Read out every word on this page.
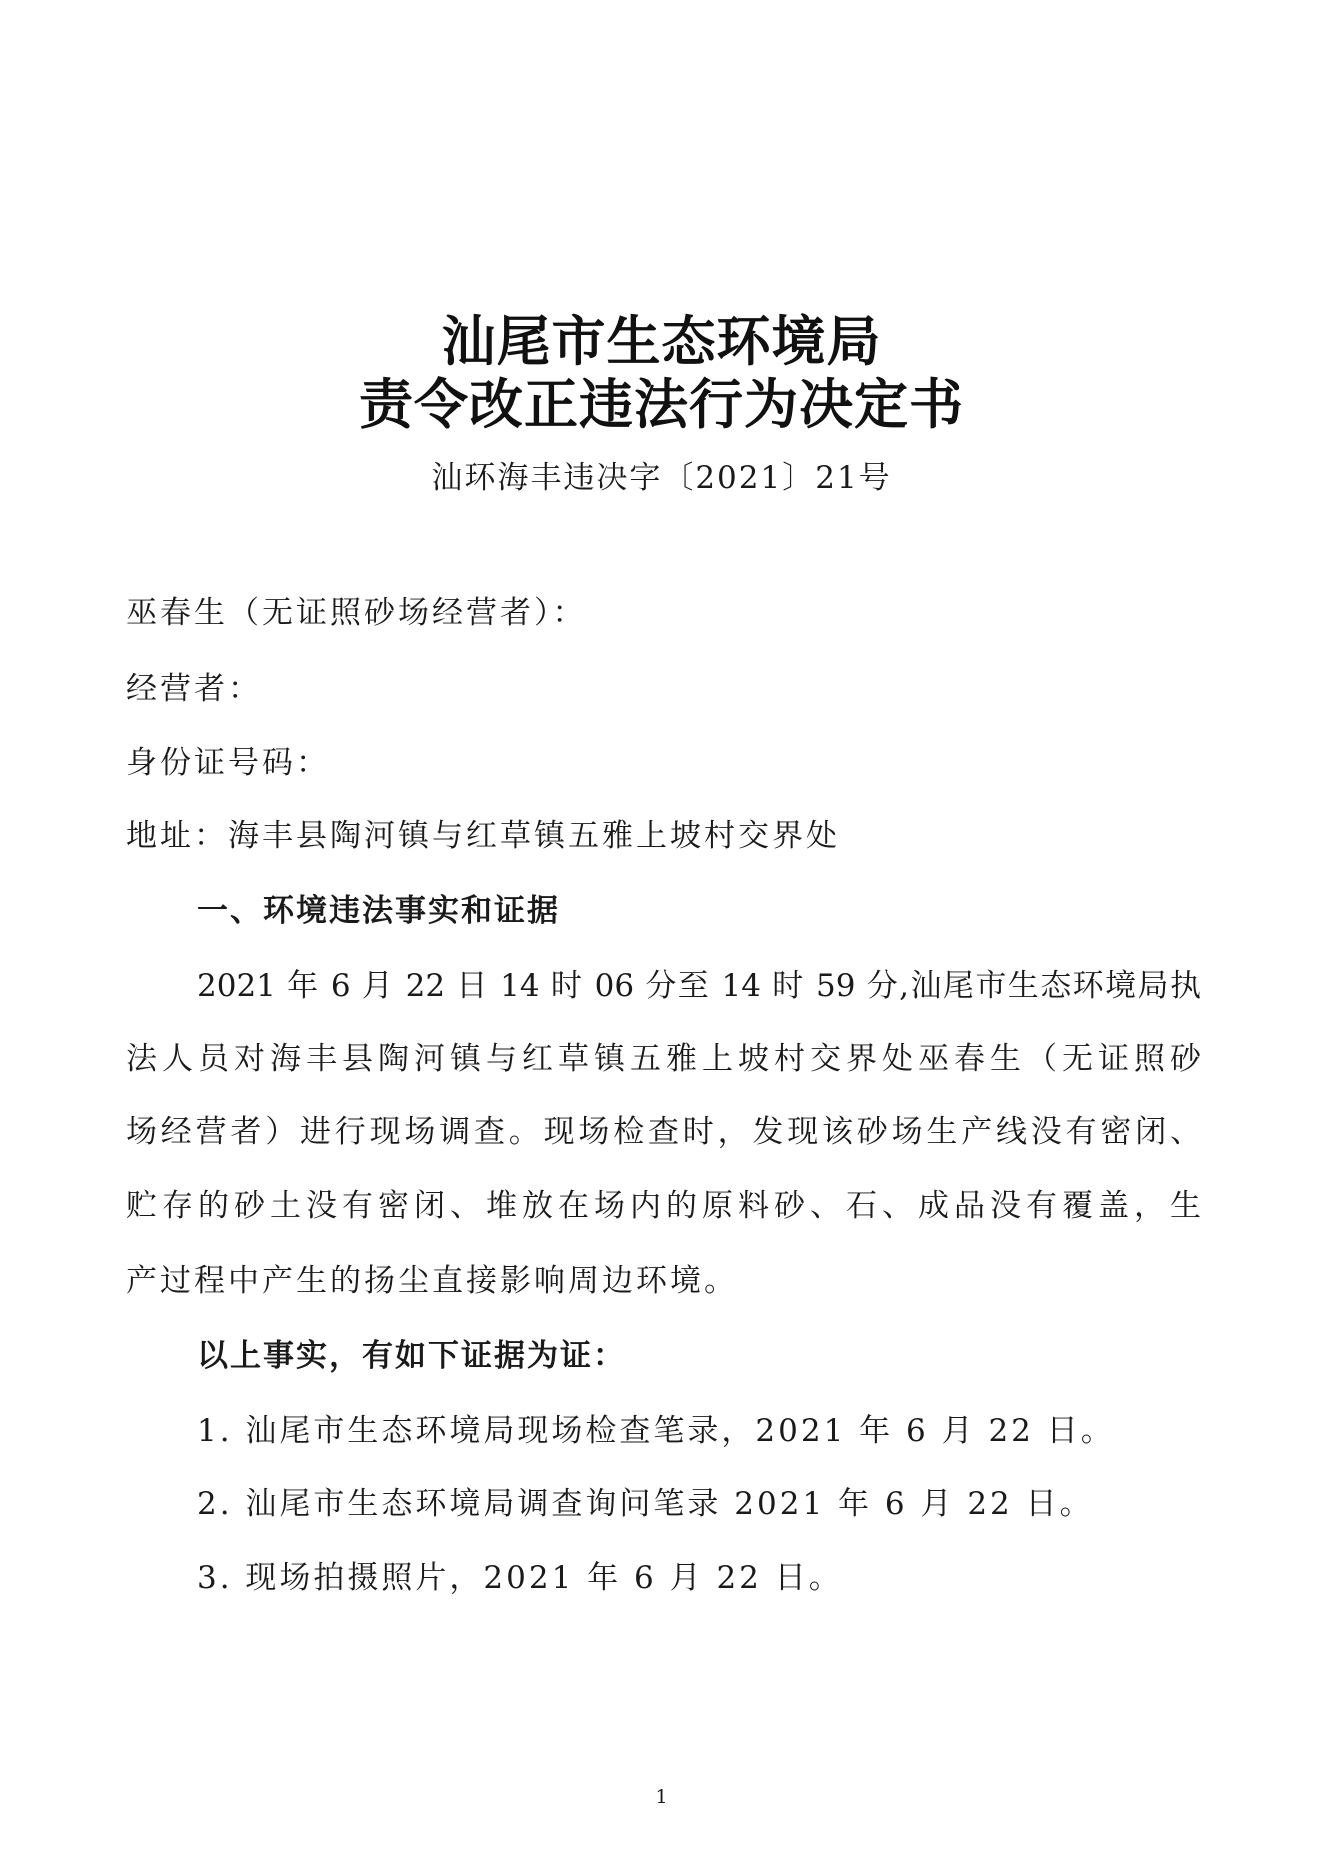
汕尾市生态环境局
责令改正违法行为决定书
汕环海丰违决字〔2021〕21号
巫春生（无证照砂场经营者）：
经营者：
身份证号码：
地址：海丰县陶河镇与红草镇五雅上坡村交界处
一、环境违法事实和证据
2021 年 6 月 22 日 14 时 06 分至 14 时 59 分,汕尾市生态环境局执
法人员对海丰县陶河镇与红草镇五雅上坡村交界处巫春生（无证照砂
场经营者）进行现场调查。现场检查时，发现该砂场生产线没有密闭、
贮存的砂土没有密闭、堆放在场内的原料砂、石、成品没有覆盖，生
产过程中产生的扬尘直接影响周边环境。
以上事实，有如下证据为证：
1. 汕尾市生态环境局现场检查笔录，2021 年 6 月 22 日。
2. 汕尾市生态环境局调查询问笔录 2021 年 6 月 22 日。
3. 现场拍摄照片，2021 年 6 月 22 日。
1
